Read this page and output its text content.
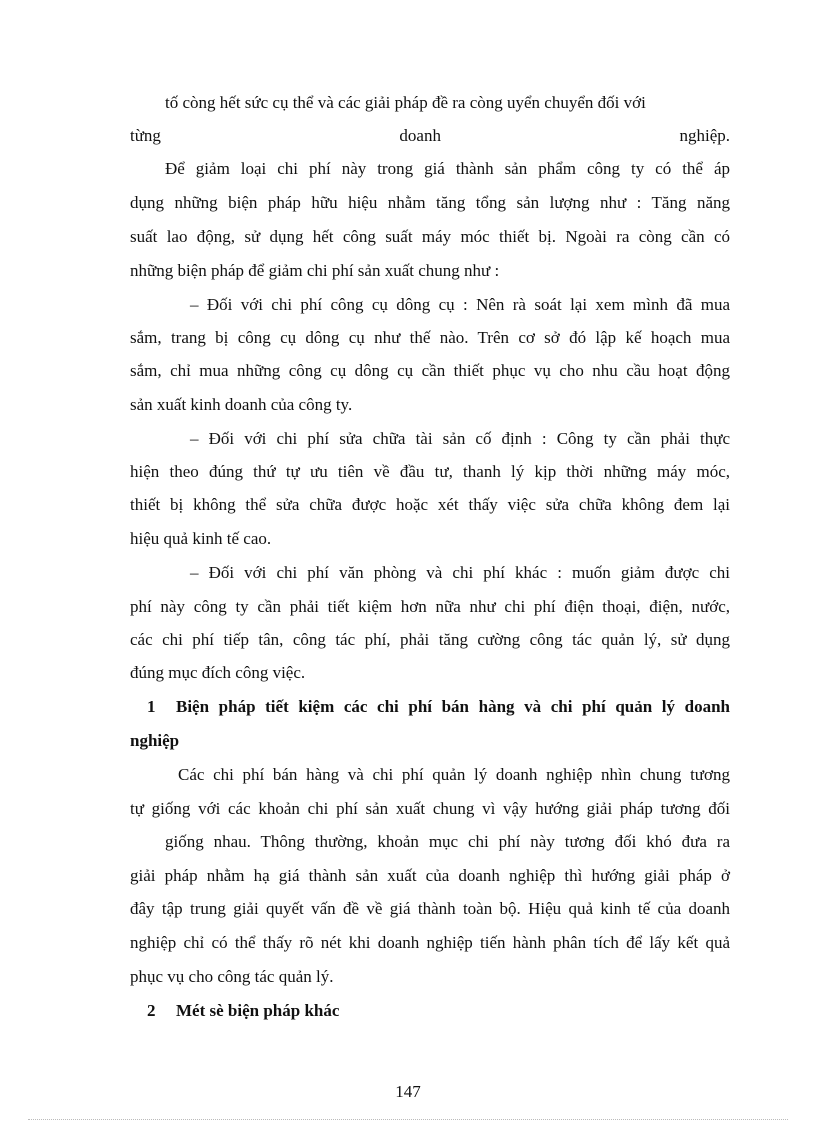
tố còng hết sức cụ thể và các giải pháp đề ra còng uyển chuyển đối với
từng doanh nghiệp.
Để giảm loại chi phí này trong giá thành sản phẩm công ty có thể áp
dụng những biện pháp hữu hiệu nhằm tăng tổng sản lượng như : Tăng năng
suất lao động, sử dụng hết công suất máy móc thiết bị. Ngoài ra còng cần có
những biện pháp để giảm chi phí sản xuất chung như :
– Đối với chi phí công cụ dông cụ : Nên rà soát lại xem mình đã mua
sắm, trang bị công cụ dông cụ như thế nào. Trên cơ sở đó lập kế hoạch mua
sắm, chỉ mua những công cụ dông cụ cần thiết phục vụ cho nhu cầu hoạt động
sản xuất kinh doanh của công ty.
– Đối với chi phí sửa chữa tài sản cố định : Công ty cần phải thực
hiện theo đúng thứ tự ưu tiên về đầu tư, thanh lý kịp thời những máy móc,
thiết bị không thể sửa chữa được hoặc xét thấy việc sửa chữa không đem lại
hiệu quả kinh tế cao.
– Đối với chi phí văn phòng và chi phí khác : muốn giảm được chi
phí này công ty cần phải tiết kiệm hơn nữa như chi phí điện thoại, điện, nước,
các chi phí tiếp tân, công tác phí, phải tăng cường công tác quản lý, sử dụng
đúng mục đích công việc.
1 Biện pháp tiết kiệm các chi phí bán hàng và chi phí quản lý doanh
nghiệp
Các chi phí bán hàng và chi phí quản lý doanh nghiệp nhìn chung tương
tự giống với các khoản chi phí sản xuất chung vì vậy hướng giải pháp tương đối
giống nhau. Thông thường, khoản mục chi phí này tương đối khó đưa ra
giải pháp nhằm hạ giá thành sản xuất của doanh nghiệp thì hướng giải pháp ở
đây tập trung giải quyết vấn đề về giá thành toàn bộ. Hiệu quả kinh tế của doanh
nghiệp chỉ có thể thấy rõ nét khi doanh nghiệp tiến hành phân tích để lấy kết quả
phục vụ cho công tác quản lý.
2 Mét sè biện pháp khác
147
